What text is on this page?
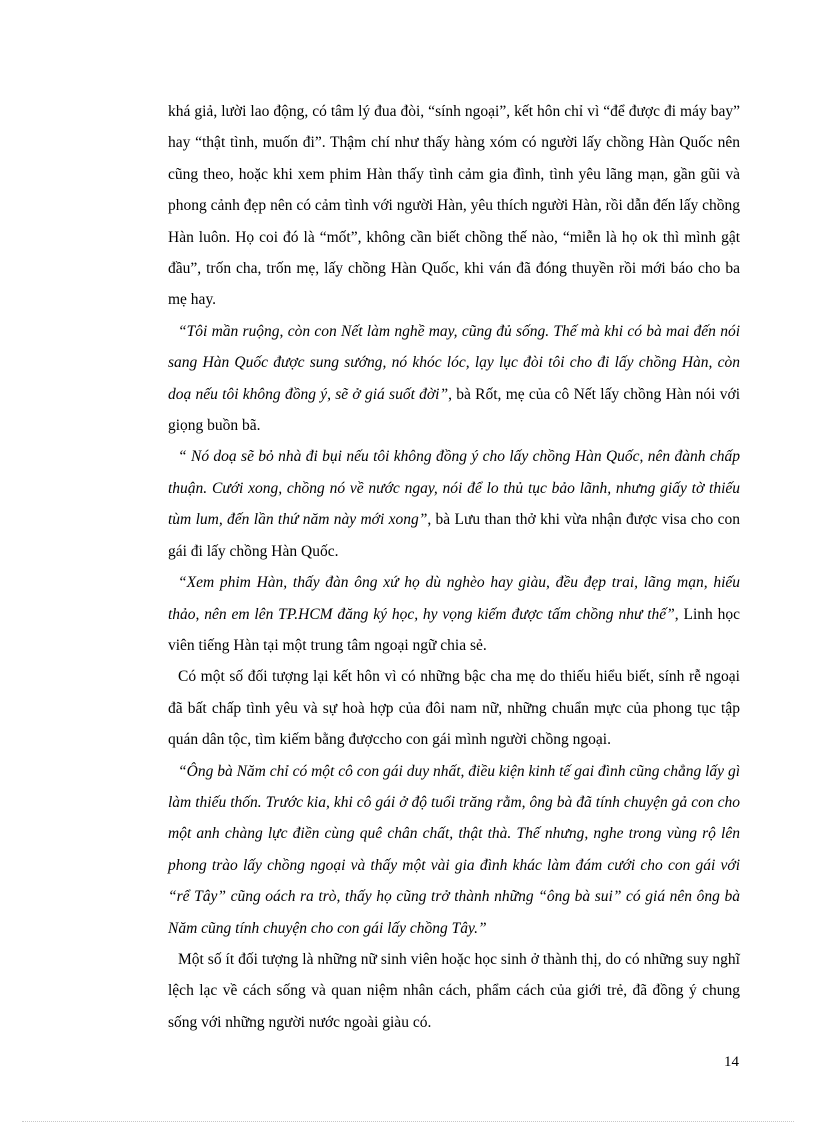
khá giả, lười lao động, có tâm lý đua đòi, “sính ngoại”, kết hôn chỉ vì “để được đi máy bay” hay “thật tình, muốn đi”. Thậm chí như thấy hàng xóm có người lấy chồng Hàn Quốc nên cũng theo, hoặc khi xem phim Hàn thấy tình cảm gia đình, tình yêu lãng mạn, gần gũi và phong cảnh đẹp nên có cảm tình với người Hàn, yêu thích người Hàn, rồi dẫn đến lấy chồng Hàn luôn. Họ coi đó là “mốt”, không cần biết chồng thế nào, “miễn là họ ok thì mình gật đầu”, trốn cha, trốn mẹ, lấy chồng Hàn Quốc, khi ván đã đóng thuyền rồi mới báo cho ba mẹ hay.

“Tôi mần ruộng, còn con Nết làm nghề may, cũng đủ sống. Thế mà khi có bà mai đến nói sang Hàn Quốc được sung sướng, nó khóc lóc, lạy lục đòi tôi cho đi lấy chồng Hàn, còn doạ nếu tôi không đồng ý, sẽ ở giá suốt đời”, bà Rốt, mẹ của cô Nết lấy chồng Hàn nói với giọng buồn bã.

“ Nó doạ sẽ bỏ nhà đi bụi nếu tôi không đồng ý cho lấy chồng Hàn Quốc, nên đành chấp thuận. Cưới xong, chồng nó về nước ngay, nói để lo thủ tục bảo lãnh, nhưng giấy tờ thiếu tùm lum, đến lần thứ năm này mới xong”, bà Lưu than thở khi vừa nhận được visa cho con gái đi lấy chồng Hàn Quốc.

“Xem phim Hàn, thấy đàn ông xứ họ dù nghèo hay giàu, đều đẹp trai, lãng mạn, hiếu thảo, nên em lên TP.HCM đăng ký học, hy vọng kiếm được tấm chồng như thế”, Linh học viên tiếng Hàn tại một trung tâm ngoại ngữ chia sẻ.

Có một số đối tượng lại kết hôn vì có những bậc cha mẹ do thiếu hiểu biết, sính rễ ngoại đã bất chấp tình yêu và sự hoà hợp của đôi nam nữ, những chuẩn mực của phong tục tập quán dân tộc, tìm kiếm bằng đượccho con gái mình người chồng ngoại.

“Ông bà Năm chỉ có một cô con gái duy nhất, điều kiện kinh tế gai đình cũng chẳng lấy gì làm thiếu thốn. Trước kia, khi cô gái ở độ tuổi trăng rằm, ông bà đã tính chuyện gả con cho một anh chàng lực điền cùng quê chân chất, thật thà. Thế nhưng, nghe trong vùng rộ lên phong trào lấy chồng ngoại và thấy một vài gia đình khác làm đám cưới cho con gái với “rể Tây” cũng oách ra trò, thấy họ cũng trở thành những “ông bà sui” có giá nên ông bà Năm cũng tính chuyện cho con gái lấy chồng Tây.”

Một số ít đối tượng là những nữ sinh viên hoặc học sinh ở thành thị, do có những suy nghĩ lệch lạc về cách sống và quan niệm nhân cách, phẩm cách của giới trẻ, đã đồng ý chung sống với những người nước ngoài giàu có.

14
